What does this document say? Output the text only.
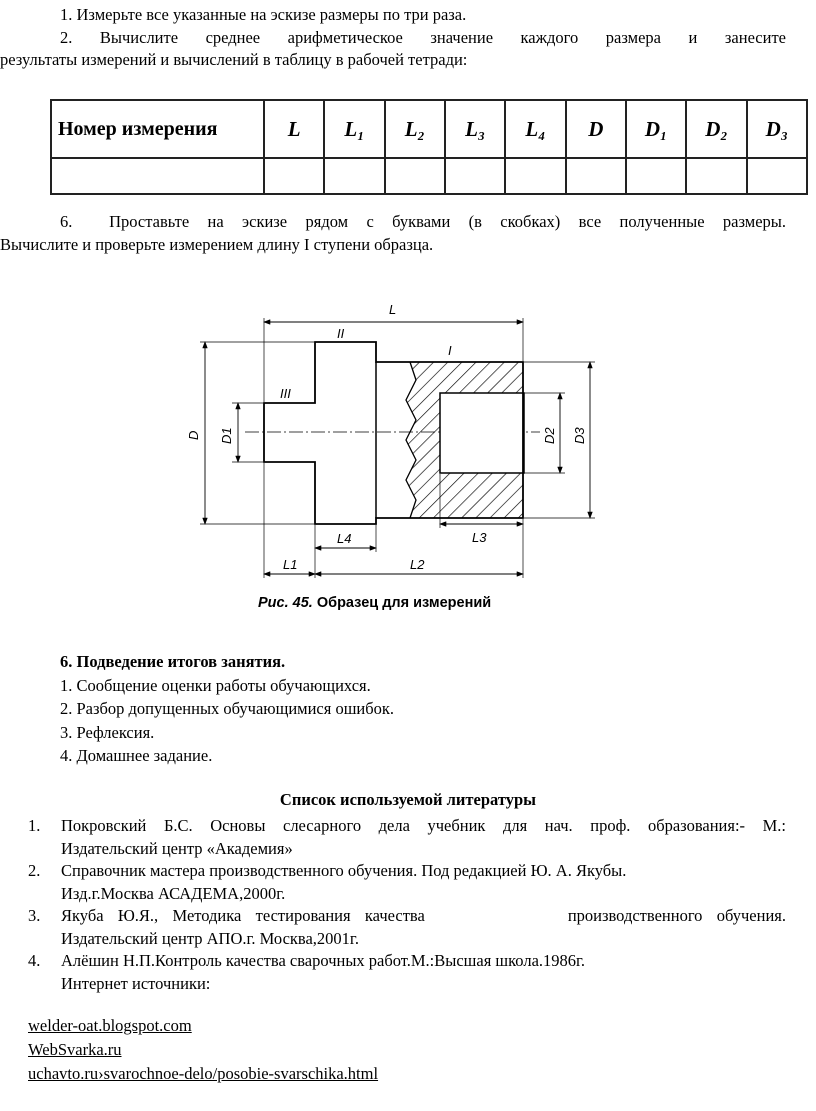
1. Измерьте все указанные на эскизе размеры по три раза.

2. Вычислите среднее арифметическое значение каждого размера и занесите

результаты измерений и вычислений в таблицу в рабочей тетради:

Номер измерения	L	L₁	L₂	L₃	L₄	D	D₁	D₂	D₃

6.  Проставьте на эскизе рядом с буквами (в скобках) все полученные размеры.

Вычислите и проверьте измерением длину I ступени образца.

L
L1	L2
L3
L4
I
II
III
D D1	D2 D3
Рис. 45. Образец для измерений
6. Подведение итогов занятия.
1. Сообщение оценки работы обучающихся.
2. Разбор допущенных обучающимися ошибок.
3. Рефлексия.
4. Домашнее задание.
Список используемой литературы
1. Покровский Б.С. Основы слесарного дела учебник для нач. проф. образования:- М.:
Издательский центр «Академия»
2. Справочник мастера производственного обучения. Под редакцией Ю. А. Якубы.
Изд.г.Москва АСАДЕМА,2000г.
3. Якуба Ю.Я., Методика тестирования качества          производственного обучения.
Издательский центр АПО.г. Москва,2001г.
4. Алёшин Н.П.Контроль качества сварочных работ.М.:Высшая школа.1986г.
Интернет источники:
welder-oat.blogspot.com
WebSvarka.ru
uchavto.ru›svarochnoe-delo/posobie-svarschika.html
